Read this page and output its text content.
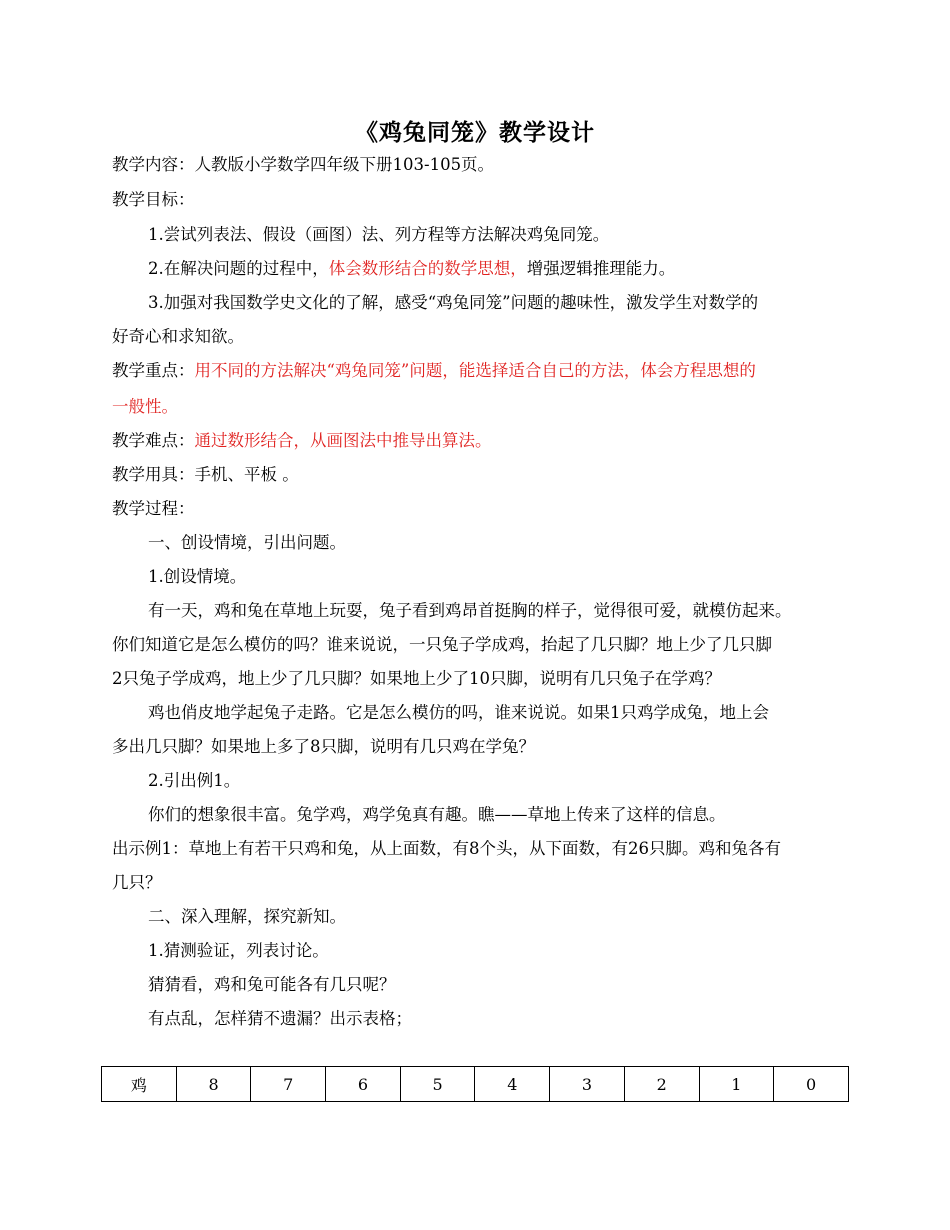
《鸡兔同笼》教学设计
教学内容：人教版小学数学四年级下册103-105页。
教学目标：
1.尝试列表法、假设（画图）法、列方程等方法解决鸡兔同笼。
2.在解决问题的过程中，体会数形结合的数学思想，增强逻辑推理能力。
3.加强对我国数学史文化的了解，感受“鸡兔同笼”问题的趣味性，激发学生对数学的
好奇心和求知欲。
教学重点：用不同的方法解决“鸡兔同笼”问题，能选择适合自己的方法，体会方程思想的
一般性。
教学难点：通过数形结合，从画图法中推导出算法。
教学用具：手机、平板 。
教学过程：
一、创设情境，引出问题。
1.创设情境。
有一天，鸡和兔在草地上玩耍，兔子看到鸡昂首挺胸的样子，觉得很可爱，就模仿起来。
你们知道它是怎么模仿的吗？谁来说说，一只兔子学成鸡，抬起了几只脚？地上少了几只脚
2只兔子学成鸡，地上少了几只脚？如果地上少了10只脚，说明有几只兔子在学鸡？
鸡也俏皮地学起兔子走路。它是怎么模仿的吗，谁来说说。如果1只鸡学成兔，地上会
多出几只脚？如果地上多了8只脚，说明有几只鸡在学兔？
2.引出例1。
你们的想象很丰富。兔学鸡，鸡学兔真有趣。瞧——草地上传来了这样的信息。
出示例1：草地上有若干只鸡和兔，从上面数，有8个头，从下面数，有26只脚。鸡和兔各有
几只？
二、深入理解，探究新知。
1.猜测验证，列表讨论。
猜猜看，鸡和兔可能各有几只呢？
有点乱，怎样猜不遗漏？出示表格；
鸡	8	7	6	5	4	3	2	1	0
